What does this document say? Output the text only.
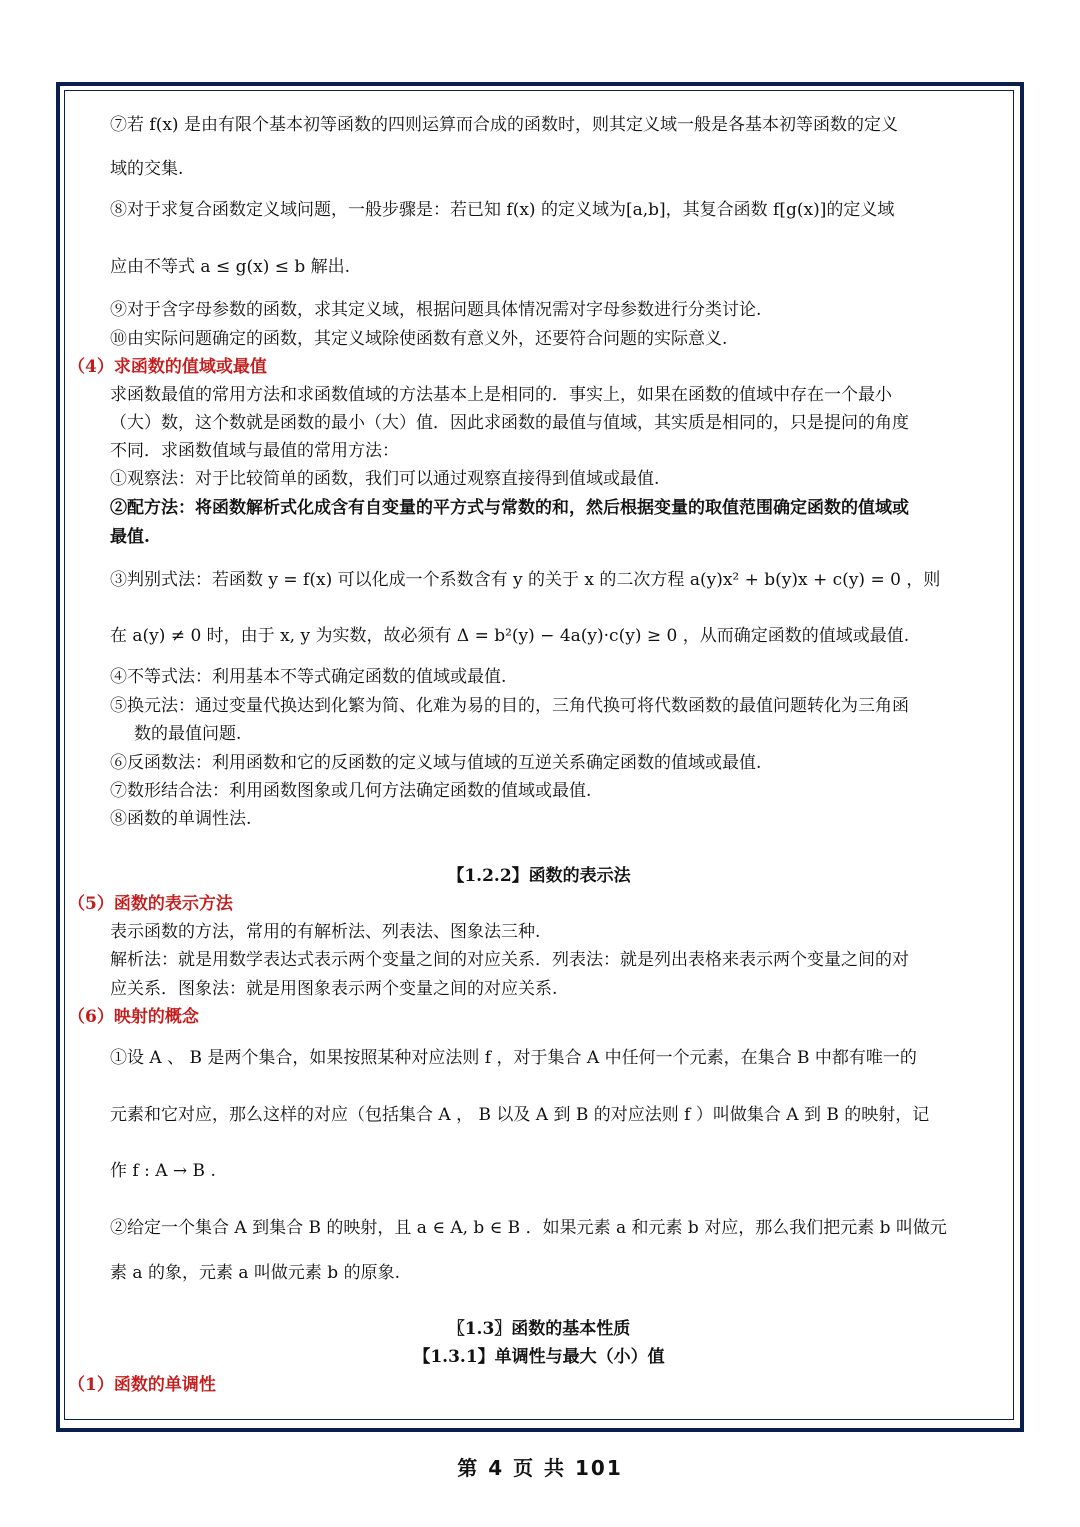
⑦若 f(x) 是由有限个基本初等函数的四则运算而合成的函数时，则其定义域一般是各基本初等函数的定义
域的交集.
⑧对于求复合函数定义域问题，一般步骤是：若已知 f(x) 的定义域为[a,b]，其复合函数 f[g(x)]的定义域
应由不等式 a ≤ g(x) ≤ b 解出.
⑨对于含字母参数的函数，求其定义域，根据问题具体情况需对字母参数进行分类讨论.
⑩由实际问题确定的函数，其定义域除使函数有意义外，还要符合问题的实际意义.
（4）求函数的值域或最值
求函数最值的常用方法和求函数值域的方法基本上是相同的．事实上，如果在函数的值域中存在一个最小
（大）数，这个数就是函数的最小（大）值．因此求函数的最值与值域，其实质是相同的，只是提问的角度
不同．求函数值域与最值的常用方法：
①观察法：对于比较简单的函数，我们可以通过观察直接得到值域或最值.
②配方法：将函数解析式化成含有自变量的平方式与常数的和，然后根据变量的取值范围确定函数的值域或
最值.
③判别式法：若函数 y = f(x) 可以化成一个系数含有 y 的关于 x 的二次方程 a(y)x² + b(y)x + c(y) = 0 ，则
在 a(y) ≠ 0 时，由于 x, y 为实数，故必须有 Δ = b²(y) − 4a(y)·c(y) ≥ 0 ，从而确定函数的值域或最值.
④不等式法：利用基本不等式确定函数的值域或最值.
⑤换元法：通过变量代换达到化繁为简、化难为易的目的，三角代换可将代数函数的最值问题转化为三角函
数的最值问题.
⑥反函数法：利用函数和它的反函数的定义域与值域的互逆关系确定函数的值域或最值.
⑦数形结合法：利用函数图象或几何方法确定函数的值域或最值.
⑧函数的单调性法.
【1.2.2】函数的表示法
（5）函数的表示方法
表示函数的方法，常用的有解析法、列表法、图象法三种.
解析法：就是用数学表达式表示两个变量之间的对应关系．列表法：就是列出表格来表示两个变量之间的对
应关系．图象法：就是用图象表示两个变量之间的对应关系.
（6）映射的概念
①设 A 、 B 是两个集合，如果按照某种对应法则 f ，对于集合 A 中任何一个元素，在集合 B 中都有唯一的
元素和它对应，那么这样的对应（包括集合 A ， B 以及 A 到 B 的对应法则 f ）叫做集合 A 到 B 的映射，记
作 f : A → B .
②给定一个集合 A 到集合 B 的映射，且 a ∈ A, b ∈ B ．如果元素 a 和元素 b 对应，那么我们把元素 b 叫做元
素 a 的象，元素 a 叫做元素 b 的原象.
〖1.3〗函数的基本性质
【1.3.1】单调性与最大（小）值
（1）函数的单调性
第 4 页 共 101
